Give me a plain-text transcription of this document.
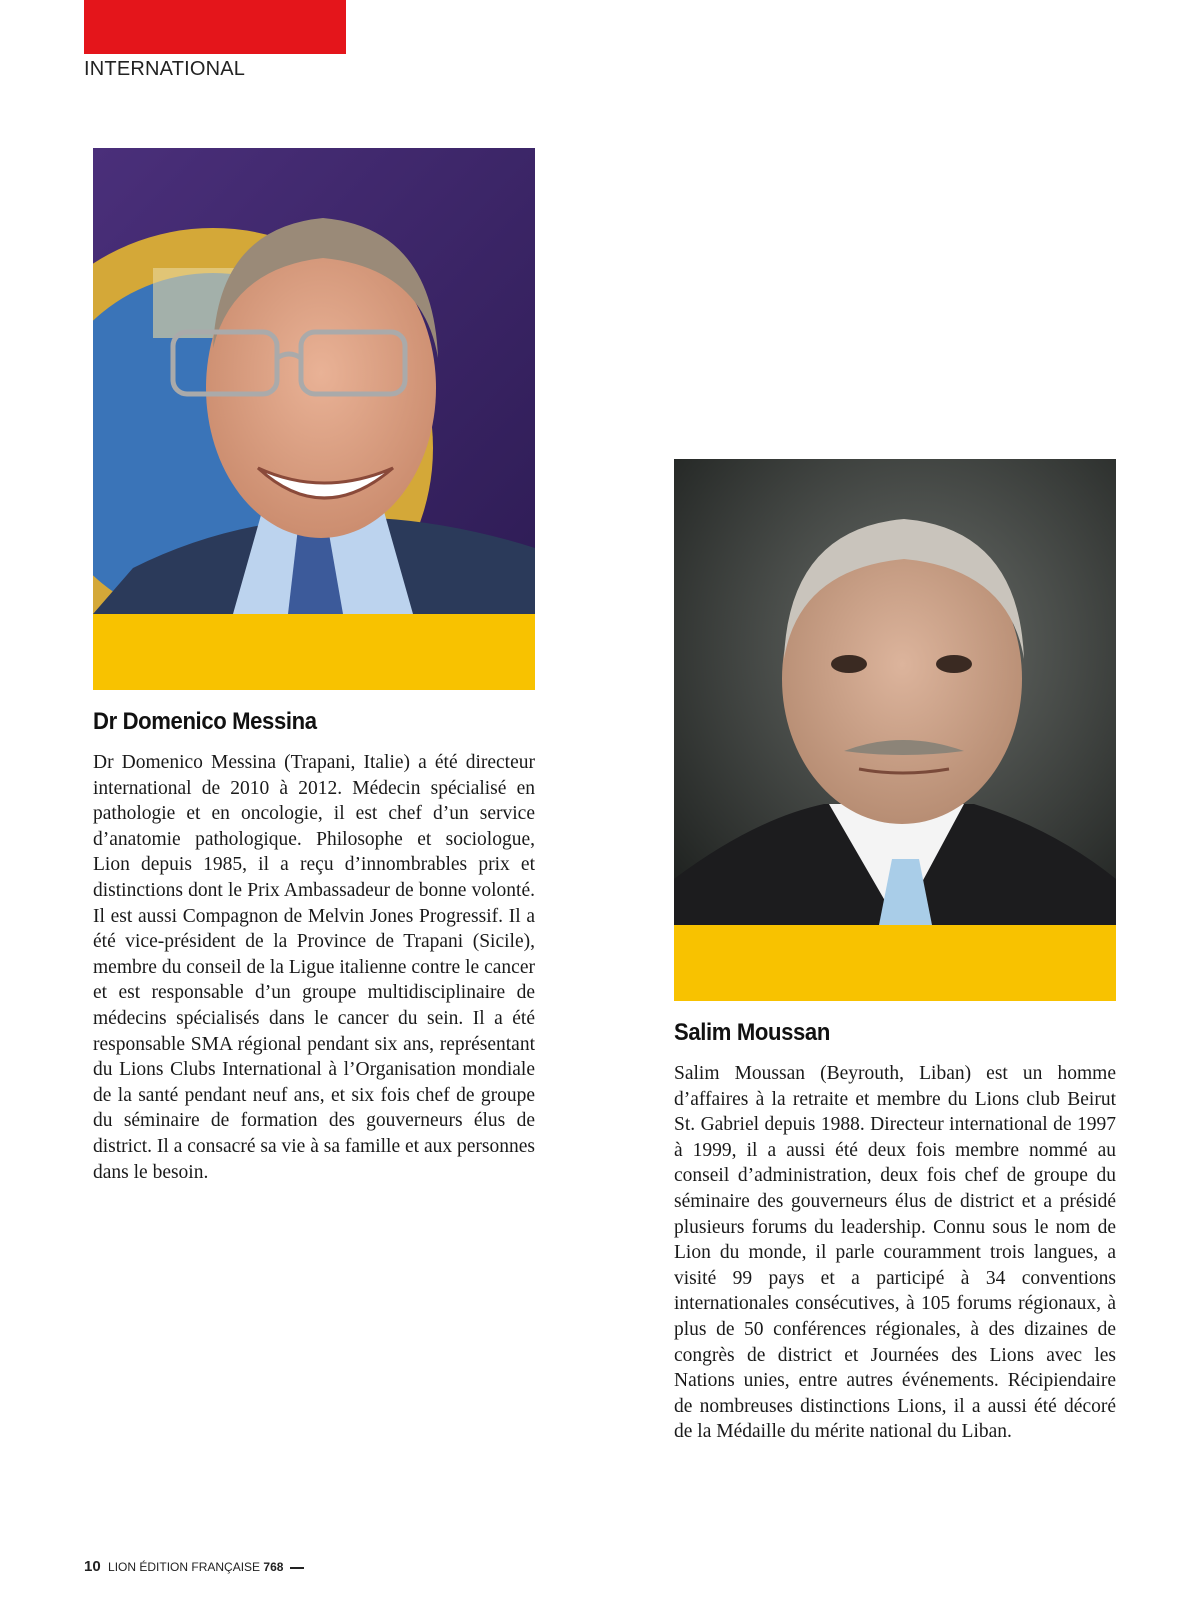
INTERNATIONAL
Dr Domenico Messina

Dr Domenico Messina (Trapani, Italie) a été directeur international de 2010 à 2012. Médecin spécialisé en pathologie et en oncologie, il est chef d’un service d’anatomie pathologique. Philosophe et sociologue, Lion depuis 1985, il a reçu d’innombrables prix et distinctions dont le Prix Ambassadeur de bonne volonté. Il est aussi Compagnon de Melvin Jones Progressif. Il a été vice-président de la Province de Trapani (Sicile), membre du conseil de la Ligue italienne contre le cancer et est responsable d’un groupe multidisciplinaire de médecins spécialisés dans le cancer du sein. Il a été responsable SMA régional pendant six ans, représentant du Lions Clubs International à l’Organisation mondiale de la santé pendant neuf ans, et six fois chef de groupe du séminaire de formation des gouverneurs élus de district. Il a consacré sa vie à sa famille et aux personnes dans le besoin.

Salim Moussan

Salim Moussan (Beyrouth, Liban) est un homme d’affaires à la retraite et membre du Lions club Beirut St. Gabriel depuis 1988. Directeur international de 1997 à 1999, il a aussi été deux fois membre nommé au conseil d’administration, deux fois chef de groupe du séminaire des gouverneurs élus de district et a présidé plusieurs forums du leadership. Connu sous le nom de Lion du monde, il parle couramment trois langues, a visité 99 pays et a participé à 34 conventions internationales consécutives, à 105 forums régionaux, à plus de 50 conférences régionales, à des dizaines de congrès de district et Journées des Lions avec les Nations unies, entre autres événements. Récipiendaire de nombreuses distinctions Lions, il a aussi été décoré de la Médaille du mérite national du Liban.

10 LION ÉDITION FRANÇAISE 768
